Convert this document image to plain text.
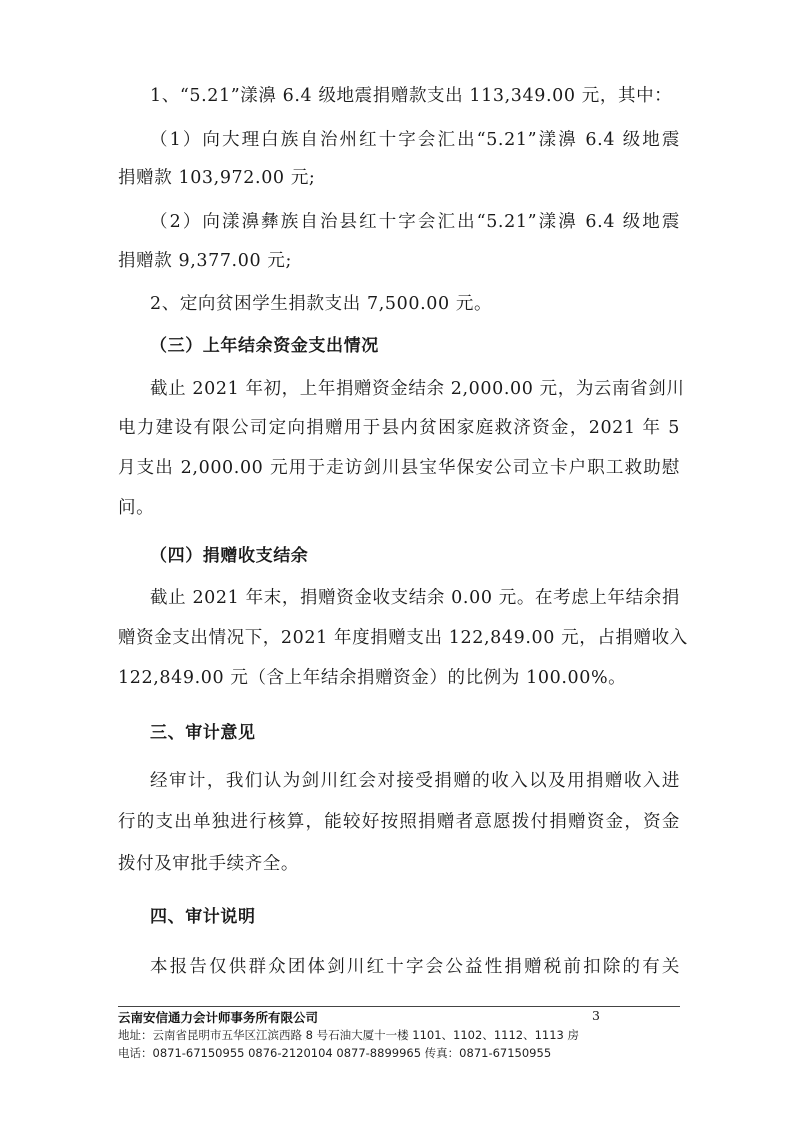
1、“5.21”漾濞 6.4 级地震捐赠款支出 113,349.00 元，其中：
（1）向大理白族自治州红十字会汇出“5.21”漾濞 6.4 级地震
捐赠款 103,972.00 元;
（2）向漾濞彝族自治县红十字会汇出“5.21”漾濞 6.4 级地震
捐赠款 9,377.00 元;
2、定向贫困学生捐款支出 7,500.00 元。
（三）上年结余资金支出情况
截止 2021 年初，上年捐赠资金结余 2,000.00 元，为云南省剑川
电力建设有限公司定向捐赠用于县内贫困家庭救济资金，2021 年 5
月支出 2,000.00 元用于走访剑川县宝华保安公司立卡户职工救助慰
问。
（四）捐赠收支结余
截止 2021 年末，捐赠资金收支结余 0.00 元。在考虑上年结余捐
赠资金支出情况下，2021 年度捐赠支出 122,849.00 元，占捐赠收入
122,849.00 元（含上年结余捐赠资金）的比例为 100.00%。
三、审计意见
经审计，我们认为剑川红会对接受捐赠的收入以及用捐赠收入进
行的支出单独进行核算，能较好按照捐赠者意愿拨付捐赠资金，资金
拨付及审批手续齐全。
四、审计说明
本报告仅供群众团体剑川红十字会公益性捐赠税前扣除的有关
云南安信通力会计师事务所有限公司	3
地址：云南省昆明市五华区江滨西路 8 号石油大厦十一楼 1101、1102、1112、1113 房
电话：0871-67150955 0876-2120104 0877-8899965 传真：0871-67150955
